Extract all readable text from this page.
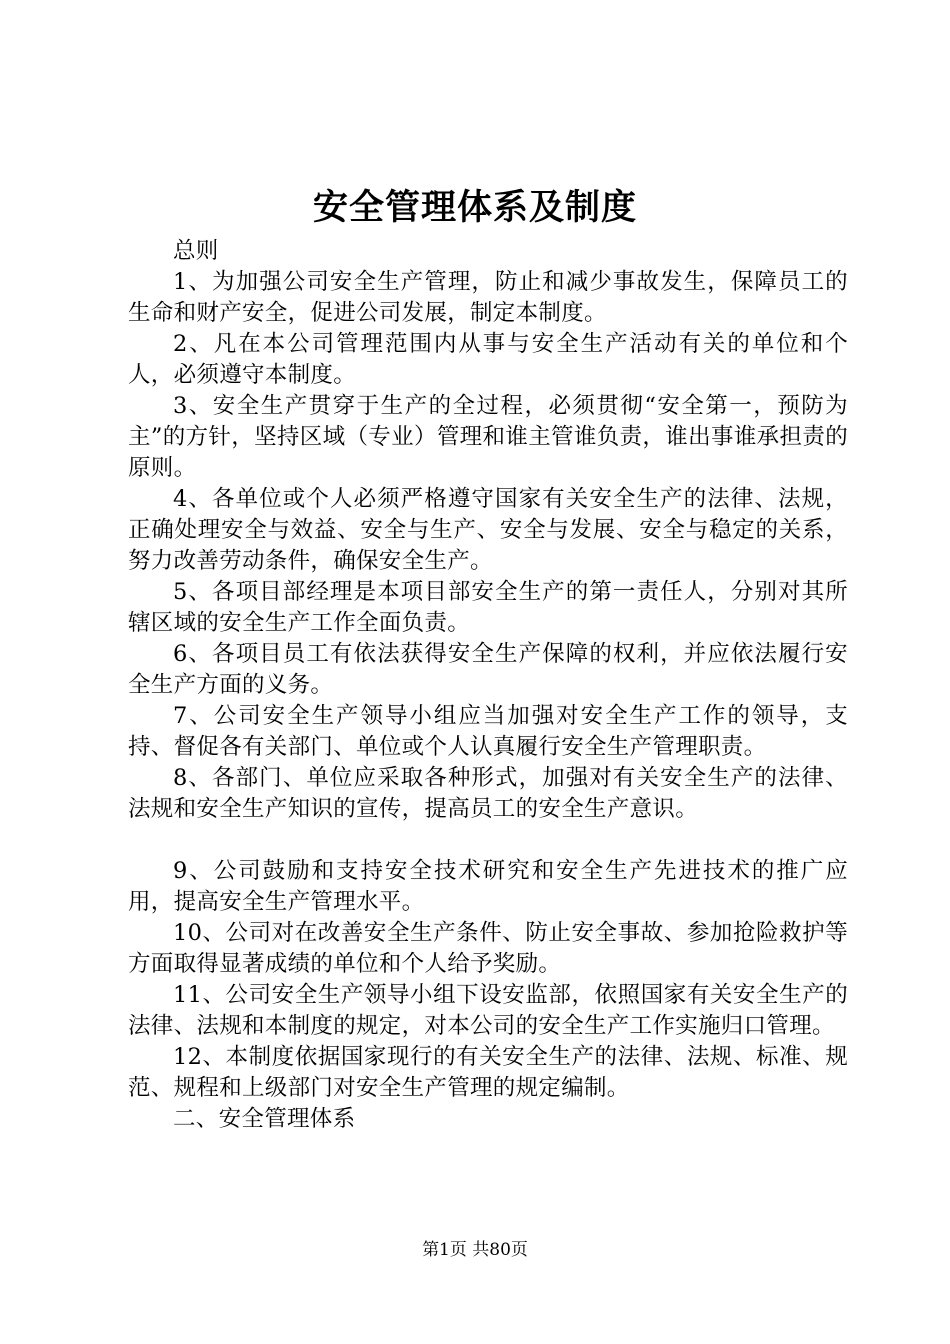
安全管理体系及制度

总则

1、为加强公司安全生产管理，防止和减少事故发生，保障员工的生命和财产安全，促进公司发展，制定本制度。

2、凡在本公司管理范围内从事与安全生产活动有关的单位和个人，必须遵守本制度。

3、安全生产贯穿于生产的全过程，必须贯彻“安全第一，预防为主”的方针，坚持区域（专业）管理和谁主管谁负责，谁出事谁承担责的原则。

4、各单位或个人必须严格遵守国家有关安全生产的法律、法规，正确处理安全与效益、安全与生产、安全与发展、安全与稳定的关系，努力改善劳动条件，确保安全生产。

5、各项目部经理是本项目部安全生产的第一责任人，分别对其所辖区域的安全生产工作全面负责。

6、各项目员工有依法获得安全生产保障的权利，并应依法履行安全生产方面的义务。

7、公司安全生产领导小组应当加强对安全生产工作的领导，支持、督促各有关部门、单位或个人认真履行安全生产管理职责。

8、各部门、单位应采取各种形式，加强对有关安全生产的法律、法规和安全生产知识的宣传，提高员工的安全生产意识。

9、公司鼓励和支持安全技术研究和安全生产先进技术的推广应用，提高安全生产管理水平。

10、公司对在改善安全生产条件、防止安全事故、参加抢险救护等方面取得显著成绩的单位和个人给予奖励。

11、公司安全生产领导小组下设安监部，依照国家有关安全生产的法律、法规和本制度的规定，对本公司的安全生产工作实施归口管理。

12、本制度依据国家现行的有关安全生产的法律、法规、标准、规范、规程和上级部门对安全生产管理的规定编制。

二、安全管理体系

第1页 共80页
